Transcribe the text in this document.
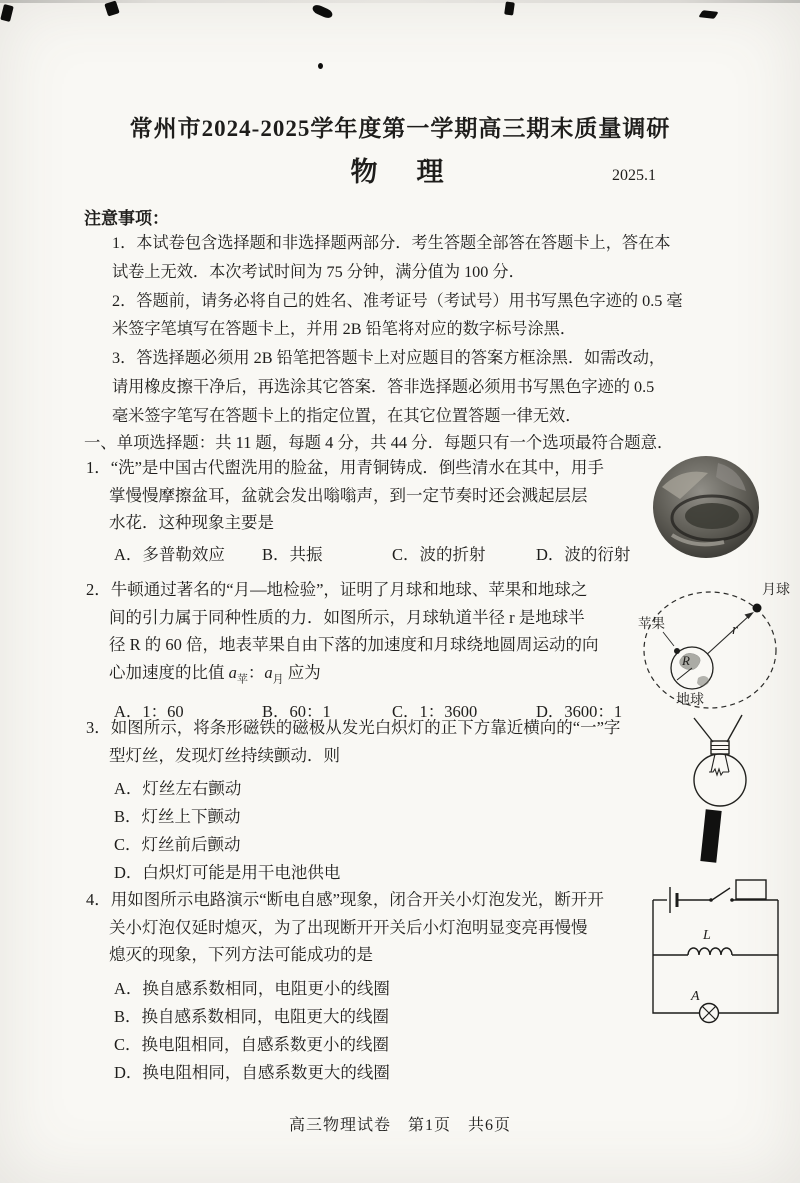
常州市2024-2025学年度第一学期高三期末质量调研
物　理	2025.1
注意事项：
1．本试卷包含选择题和非选择题两部分．考生答题全部答在答题卡上，答在本
试卷上无效．本次考试时间为 75 分钟，满分值为 100 分．
2．答题前，请务必将自己的姓名、准考证号（考试号）用书写黑色字迹的 0.5 毫
米签字笔填写在答题卡上，并用 2B 铅笔将对应的数字标号涂黑．
3．答选择题必须用 2B 铅笔把答题卡上对应题目的答案方框涂黑．如需改动，
请用橡皮擦干净后，再选涂其它答案．答非选择题必须用书写黑色字迹的 0.5
毫米签字笔写在答题卡上的指定位置，在其它位置答题一律无效．
一、单项选择题：共 11 题，每题 4 分，共 44 分．每题只有一个选项最符合题意．
1．“洗”是中国古代盥洗用的脸盆，用青铜铸成．倒些清水在其中，用手
掌慢慢摩擦盆耳，盆就会发出嗡嗡声，到一定节奏时还会溅起层层
水花．这种现象主要是
A．多普勒效应	B．共振	C．波的折射	D．波的衍射
2．牛顿通过著名的“月—地检验”，证明了月球和地球、苹果和地球之
间的引力属于同种性质的力．如图所示，月球轨道半径 r 是地球半
径 R 的 60 倍，地表苹果自由下落的加速度和月球绕地圆周运动的向
心加速度的比值 $a_苹$：$a_月$ 应为
A．1：60	B．60：1	C．1：3600	D．3600：1
月球
r
R
苹果
地球
3．如图所示，将条形磁铁的磁极从发光白炽灯的正下方靠近横向的“一”字
型灯丝，发现灯丝持续颤动．则
A．灯丝左右颤动
B．灯丝上下颤动
C．灯丝前后颤动
D．白炽灯可能是用干电池供电
4．用如图所示电路演示“断电自感”现象，闭合开关小灯泡发光，断开开
关小灯泡仅延时熄灭，为了出现断开开关后小灯泡明显变亮再慢慢
熄灭的现象，下列方法可能成功的是
A．换自感系数相同，电阻更小的线圈
B．换自感系数相同，电阻更大的线圈
C．换电阻相同，自感系数更小的线圈
D．换电阻相同，自感系数更大的线圈
L
A
高三物理试卷　第1页　共6页
